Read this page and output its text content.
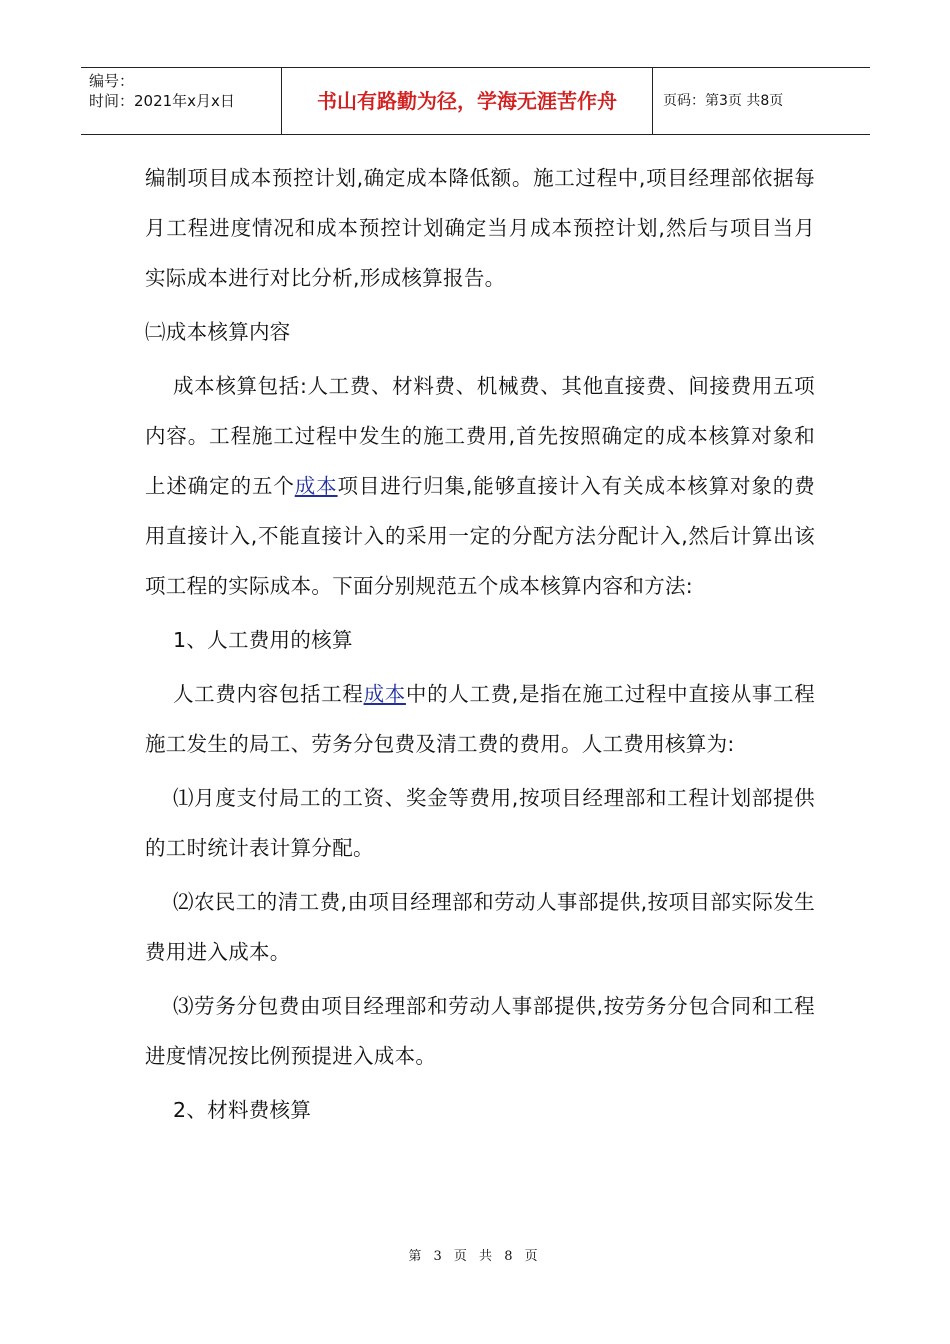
编号：
时间：2021年x月x日	书山有路勤为径，学海无涯苦作舟	页码：第3页 共8页

编制项目成本预控计划,确定成本降低额。施工过程中,项目经理部依据每月工程进度情况和成本预控计划确定当月成本预控计划,然后与项目当月实际成本进行对比分析,形成核算报告。

㈡成本核算内容

成本核算包括:人工费、材料费、机械费、其他直接费、间接费用五项内容。工程施工过程中发生的施工费用,首先按照确定的成本核算对象和上述确定的五个成本项目进行归集,能够直接计入有关成本核算对象的费用直接计入,不能直接计入的采用一定的分配方法分配计入,然后计算出该项工程的实际成本。下面分别规范五个成本核算内容和方法:

1、人工费用的核算

人工费内容包括工程成本中的人工费,是指在施工过程中直接从事工程施工发生的局工、劳务分包费及清工费的费用。人工费用核算为:

⑴月度支付局工的工资、奖金等费用,按项目经理部和工程计划部提供的工时统计表计算分配。

⑵农民工的清工费,由项目经理部和劳动人事部提供,按项目部实际发生费用进入成本。

⑶劳务分包费由项目经理部和劳动人事部提供,按劳务分包合同和工程进度情况按比例预提进入成本。

2、材料费核算

第 3 页 共 8 页
